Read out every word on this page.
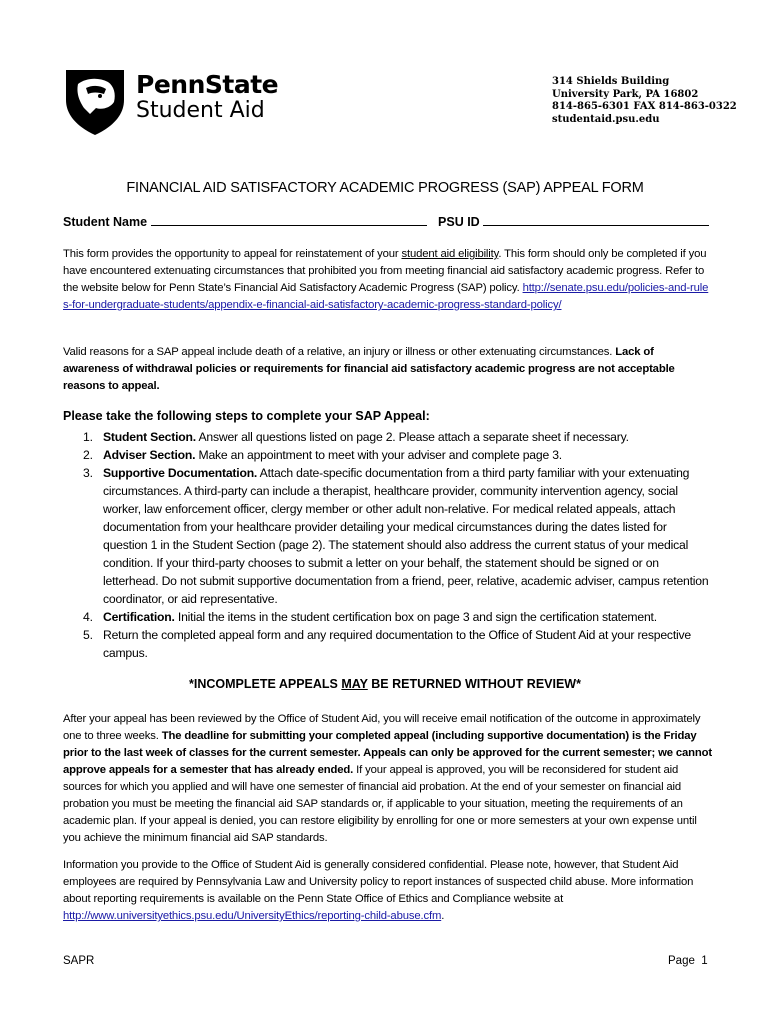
PennState
Student Aid
314 Shields Building
University Park, PA 16802
814-865-6301 FAX 814-863-0322
studentaid.psu.edu
FINANCIAL AID SATISFACTORY ACADEMIC PROGRESS (SAP) APPEAL FORM
Student Name	PSU ID

This form provides the opportunity to appeal for reinstatement of your student aid eligibility. This form should only be completed if you have encountered extenuating circumstances that prohibited you from meeting financial aid satisfactory academic progress. Refer to the website below for Penn State’s Financial Aid Satisfactory Academic Progress (SAP) policy. http://senate.psu.edu/policies-and-rules-for-undergraduate-students/appendix-e-financial-aid-satisfactory-academic-progress-standard-policy/

Valid reasons for a SAP appeal include death of a relative, an injury or illness or other extenuating circumstances. Lack of awareness of withdrawal policies or requirements for financial aid satisfactory academic progress are not acceptable reasons to appeal.

Please take the following steps to complete your SAP Appeal:
1. Student Section. Answer all questions listed on page 2. Please attach a separate sheet if necessary.
2. Adviser Section. Make an appointment to meet with your adviser and complete page 3.
3. Supportive Documentation. Attach date-specific documentation from a third party familiar with your extenuating circumstances. A third-party can include a therapist, healthcare provider, community intervention agency, social worker, law enforcement officer, clergy member or other adult non-relative. For medical related appeals, attach documentation from your healthcare provider detailing your medical circumstances during the dates listed for question 1 in the Student Section (page 2). The statement should also address the current status of your medical condition. If your third-party chooses to submit a letter on your behalf, the statement should be signed or on letterhead. Do not submit supportive documentation from a friend, peer, relative, academic adviser, campus retention coordinator, or aid representative.
4. Certification. Initial the items in the student certification box on page 3 and sign the certification statement.
5. Return the completed appeal form and any required documentation to the Office of Student Aid at your respective campus.
*INCOMPLETE APPEALS MAY BE RETURNED WITHOUT REVIEW*

After your appeal has been reviewed by the Office of Student Aid, you will receive email notification of the outcome in approximately one to three weeks. The deadline for submitting your completed appeal (including supportive documentation) is the Friday prior to the last week of classes for the current semester. Appeals can only be approved for the current semester; we cannot approve appeals for a semester that has already ended. If your appeal is approved, you will be reconsidered for student aid sources for which you applied and will have one semester of financial aid probation. At the end of your semester on financial aid probation you must be meeting the financial aid SAP standards or, if applicable to your situation, meeting the requirements of an academic plan. If your appeal is denied, you can restore eligibility by enrolling for one or more semesters at your own expense until you achieve the minimum financial aid SAP standards.

Information you provide to the Office of Student Aid is generally considered confidential. Please note, however, that Student Aid employees are required by Pennsylvania Law and University policy to report instances of suspected child abuse. More information about reporting requirements is available on the Penn State Office of Ethics and Compliance website at http://www.universityethics.psu.edu/UniversityEthics/reporting-child-abuse.cfm.

SAPR	Page 1
